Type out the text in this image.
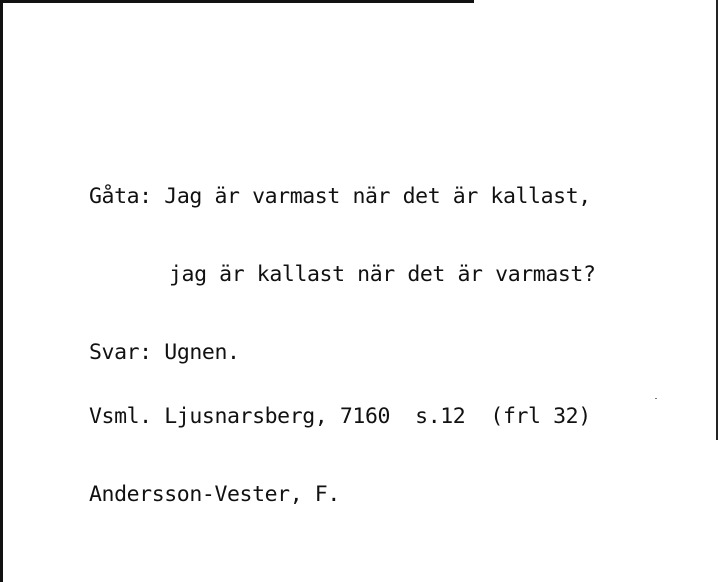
Gåta: Jag är varmast när det är kallast,

jag är kallast när det är varmast?

Svar: Ugnen.

Vsml. Ljusnarsberg, 7160  s.12  (frl 32)

Andersson-Vester, F.
